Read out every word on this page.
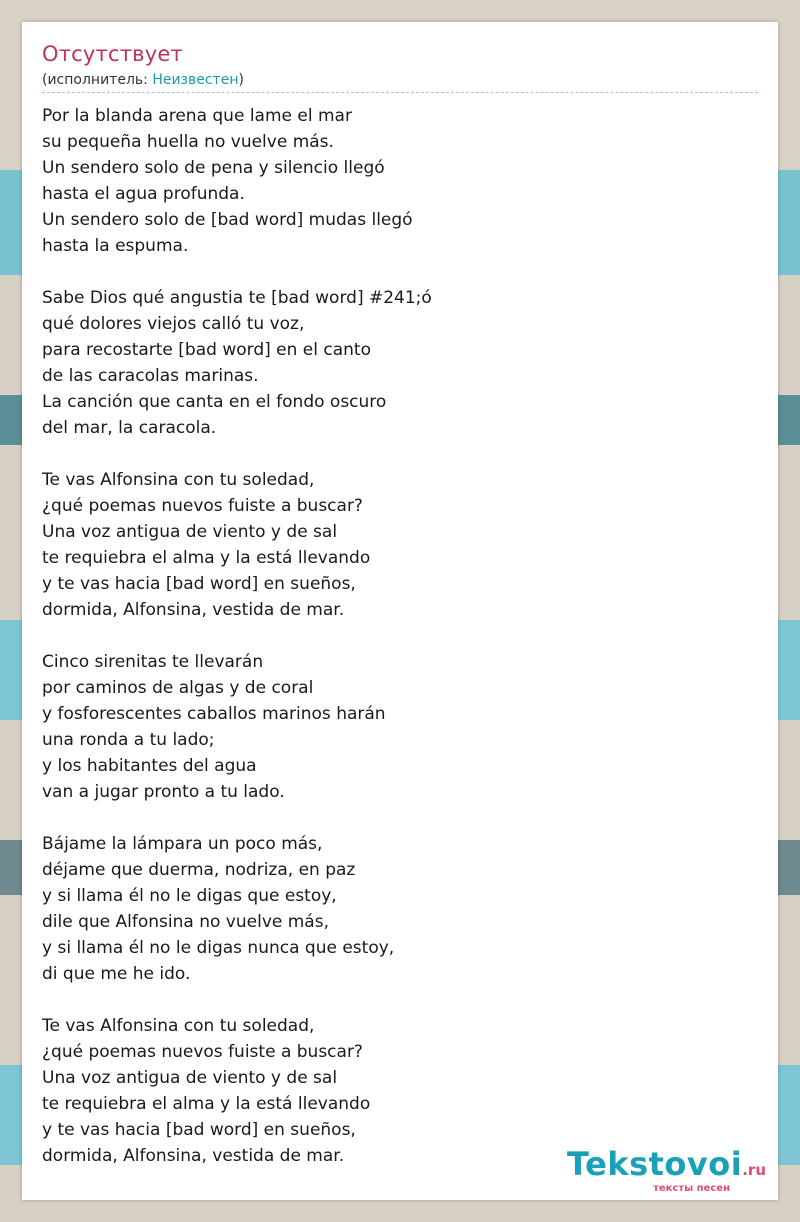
Отсутствует
(исполнитель: Неизвестен)
Por la blanda arena que lame el mar
su pequeña huella no vuelve más.
Un sendero solo de pena y silencio llegó
hasta el agua profunda.
Un sendero solo de [bad word] mudas llegó
hasta la espuma.

Sabe Dios qué angustia te [bad word] #241;ó
qué dolores viejos calló tu voz,
para recostarte [bad word] en el canto
de las caracolas marinas.
La canción que canta en el fondo oscuro
del mar, la caracola.

Te vas Alfonsina con tu soledad,
¿qué poemas nuevos fuiste a buscar?
Una voz antigua de viento y de sal
te requiebra el alma y la está llevando
y te vas hacia [bad word] en sueños,
dormida, Alfonsina, vestida de mar.

Cinco sirenitas te llevarán
por caminos de algas y de coral
y fosforescentes caballos marinos harán
una ronda a tu lado;
y los habitantes del agua
van a jugar pronto a tu lado.

Bájame la lámpara un poco más,
déjame que duerma, nodriza, en paz
y si llama él no le digas que estoy,
dile que Alfonsina no vuelve más,
y si llama él no le digas nunca que estoy,
di que me he ido.

Te vas Alfonsina con tu soledad,
¿qué poemas nuevos fuiste a buscar?
Una voz antigua de viento y de sal
te requiebra el alma y la está llevando
y te vas hacia [bad word] en sueños,
dormida, Alfonsina, vestida de mar.	Tekstovoi.ru
тексты песен
